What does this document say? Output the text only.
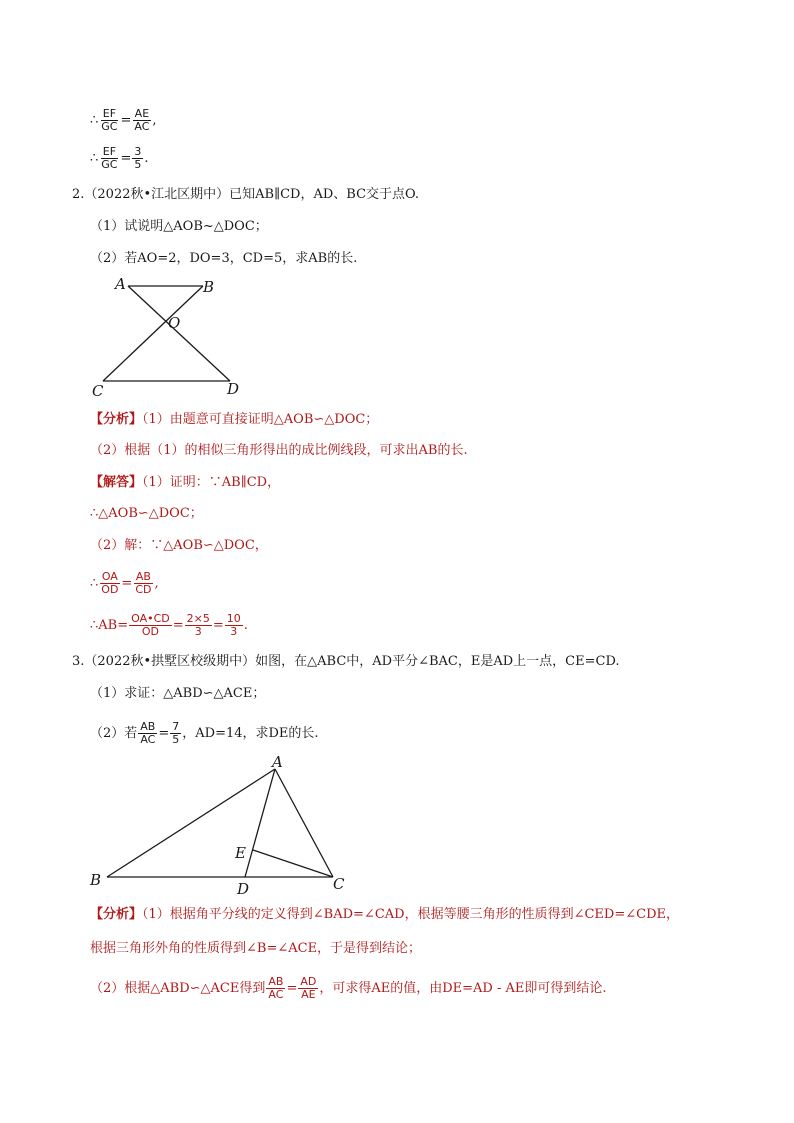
∴ $\frac{EF}{GC} = \frac{AE}{AC}$ ,
∴ $\frac{EF}{GC} = \frac{3}{5}$ .
2.（2022秋•江北区期中）已知AB∥CD，AD、BC交于点O.
（1）试说明△AOB~△DOC；
（2）若AO=2，DO=3，CD=5，求AB的长.
A	B
O
C	D
【分析】（1）由题意可直接证明△AOB∽△DOC；
（2）根据（1）的相似三角形得出的成比例线段，可求出AB的长.
【解答】（1）证明：∵AB∥CD，
∴△AOB∽△DOC；
（2）解：∵△AOB∽△DOC，
∴ $\frac{OA}{OD} = \frac{AB}{CD}$ ,
∴AB= $\frac{OA•CD}{OD} = \frac{2\times 5}{3} = \frac{10}{3}$ .
3.（2022秋•拱墅区校级期中）如图，在△ABC中，AD平分∠BAC，E是AD上一点，CE=CD.
（1）求证：△ABD∽△ACE；
（2）若 $\frac{AB}{AC} = \frac{7}{5}$ ，AD=14，求DE的长.
A
B	C
D
E
【分析】（1）根据角平分线的定义得到∠BAD=∠CAD，根据等腰三角形的性质得到∠CED=∠CDE，
根据三角形外角的性质得到∠B=∠ACE，于是得到结论；
（2）根据△ABD∽△ACE得到 $\frac{AB}{AC} = \frac{AD}{AE}$ ，可求得AE的值，由DE=AD - AE即可得到结论.
